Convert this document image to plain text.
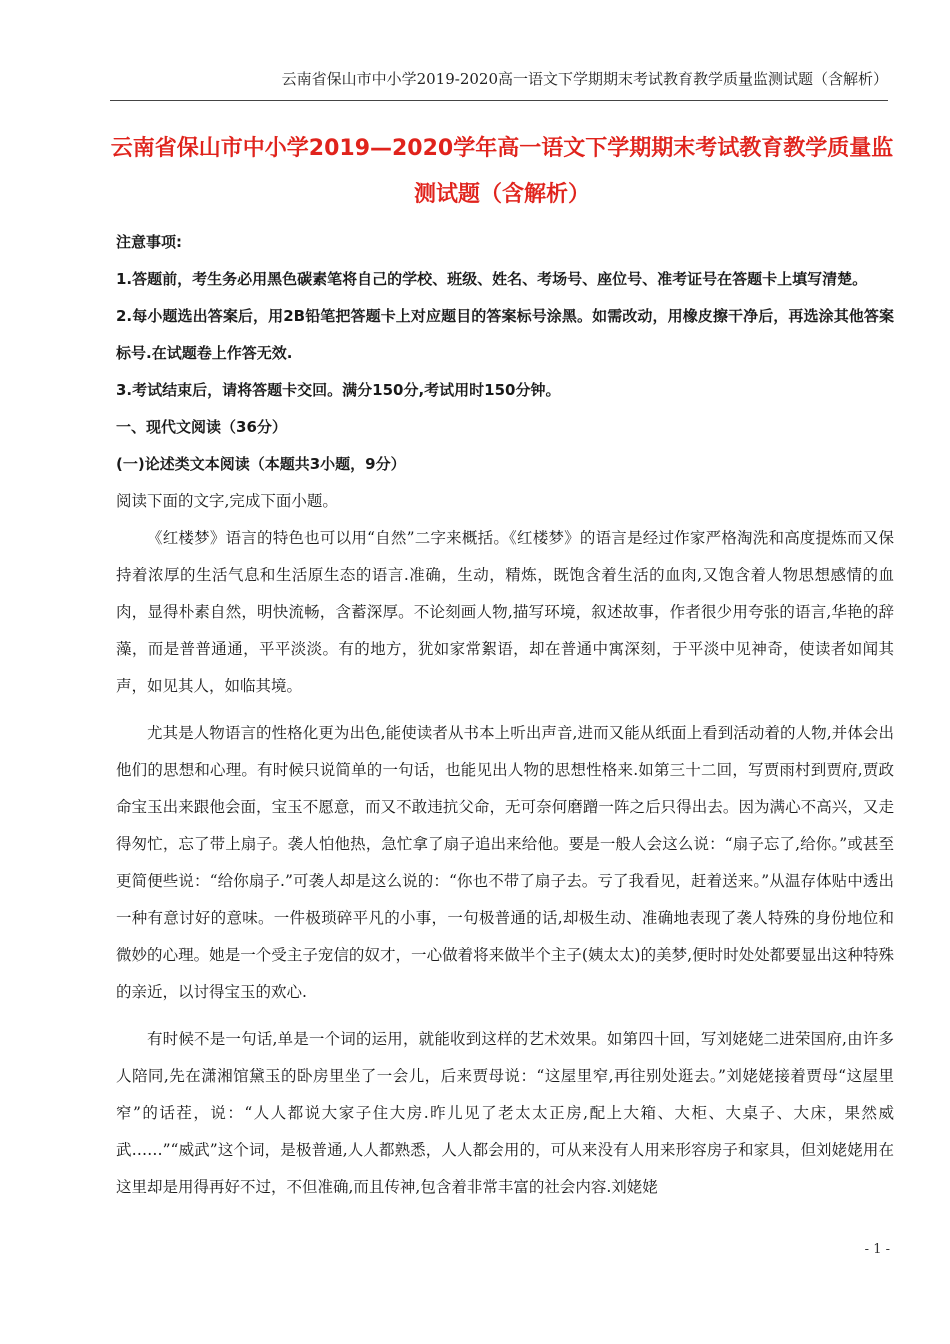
云南省保山市中小学2019-2020高一语文下学期期末考试教育教学质量监测试题（含解析）
云南省保山市中小学2019—2020学年高一语文下学期期末考试教育教学质量监测试题（含解析）
注意事项:
1.答题前，考生务必用黑色碳素笔将自己的学校、班级、姓名、考场号、座位号、准考证号在答题卡上填写清楚。
2.每小题选出答案后，用2B铅笔把答题卡上对应题目的答案标号涂黑。如需改动，用橡皮擦干净后，再选涂其他答案标号.在试题卷上作答无效.
3.考试结束后，请将答题卡交回。满分150分,考试用时150分钟。
一、现代文阅读（36分）
(一)论述类文本阅读（本题共3小题，9分）
阅读下面的文字,完成下面小题。
《红楼梦》语言的特色也可以用“自然”二字来概括。《红楼梦》的语言是经过作家严格淘洗和高度提炼而又保持着浓厚的生活气息和生活原生态的语言.准确，生动，精炼，既饱含着生活的血肉,又饱含着人物思想感情的血肉，显得朴素自然，明快流畅，含蓄深厚。不论刻画人物,描写环境，叙述故事，作者很少用夸张的语言,华艳的辞藻，而是普普通通，平平淡淡。有的地方，犹如家常絮语，却在普通中寓深刻，于平淡中见神奇，使读者如闻其声，如见其人，如临其境。
尤其是人物语言的性格化更为出色,能使读者从书本上听出声音,进而又能从纸面上看到活动着的人物,并体会出他们的思想和心理。有时候只说简单的一句话，也能见出人物的思想性格来.如第三十二回，写贾雨村到贾府,贾政命宝玉出来跟他会面，宝玉不愿意，而又不敢违抗父命，无可奈何磨蹭一阵之后只得出去。因为满心不高兴，又走得匆忙，忘了带上扇子。袭人怕他热，急忙拿了扇子追出来给他。要是一般人会这么说：“扇子忘了,给你。”或甚至更简便些说：“给你扇子.”可袭人却是这么说的：“你也不带了扇子去。亏了我看见，赶着送来。”从温存体贴中透出一种有意讨好的意味。一件极琐碎平凡的小事，一句极普通的话,却极生动、准确地表现了袭人特殊的身份地位和微妙的心理。她是一个受主子宠信的奴才，一心做着将来做半个主子(姨太太)的美梦,便时时处处都要显出这种特殊的亲近，以讨得宝玉的欢心.
有时候不是一句话,单是一个词的运用，就能收到这样的艺术效果。如第四十回，写刘姥姥二进荣国府,由许多人陪同,先在潇湘馆黛玉的卧房里坐了一会儿，后来贾母说：“这屋里窄,再往别处逛去。”刘姥姥接着贾母“这屋里窄”的话茬，说：“人人都说大家子住大房.昨儿见了老太太正房,配上大箱、大柜、大桌子、大床，果然威武……”“威武”这个词，是极普通,人人都熟悉，人人都会用的，可从来没有人用来形容房子和家具，但刘姥姥用在这里却是用得再好不过，不但准确,而且传神,包含着非常丰富的社会内容.刘姥姥
- 1 -
